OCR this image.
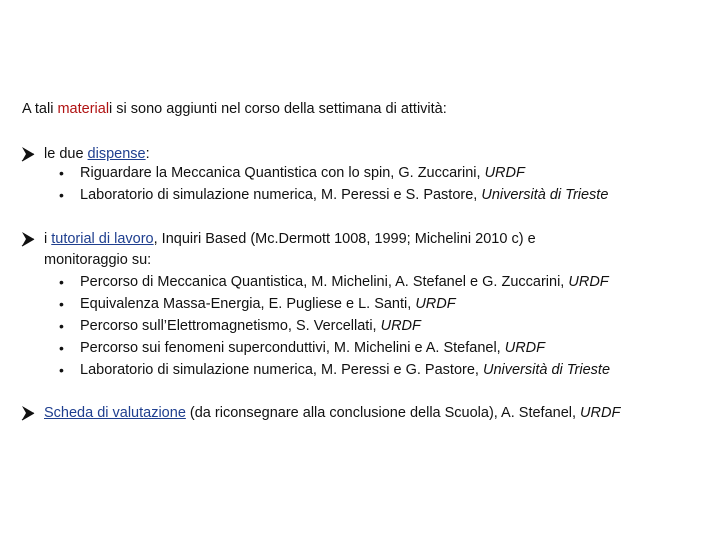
A tali materiali si sono aggiunti nel corso della settimana di attività:
le due dispense:
• Riguardare la Meccanica Quantistica con lo spin, G. Zuccarini, URDF
• Laboratorio di simulazione numerica, M. Peressi e S. Pastore, Università di Trieste
i tutorial di lavoro, Inquiri Based (Mc.Dermott 1008, 1999; Michelini 2010 c) e
monitoraggio su:
• Percorso di Meccanica Quantistica, M. Michelini, A. Stefanel e G. Zuccarini, URDF
• Equivalenza Massa-Energia, E. Pugliese e L. Santi, URDF
• Percorso sull’Elettromagnetismo, S. Vercellati, URDF
• Percorso sui fenomeni superconduttivi, M. Michelini e A. Stefanel, URDF
• Laboratorio di simulazione numerica, M. Peressi e G. Pastore, Università di Trieste
Scheda di valutazione (da riconsegnare alla conclusione della Scuola), A. Stefanel, URDF
